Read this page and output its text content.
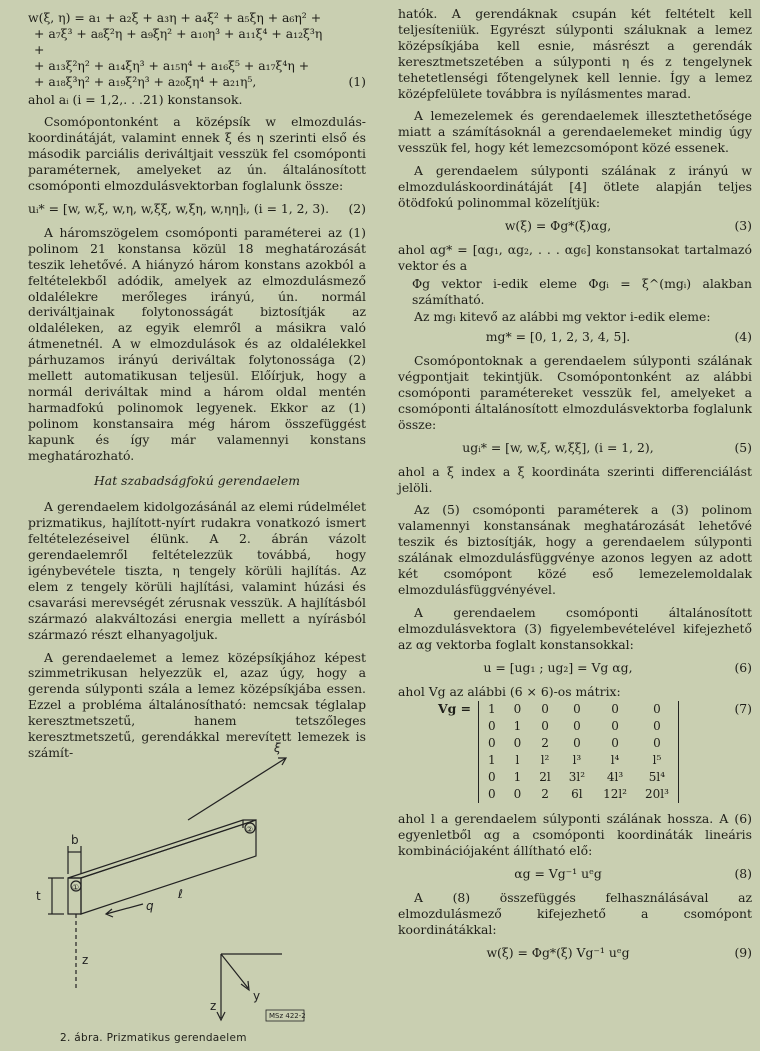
w(ξ, η) = a₁ + a₂ξ + a₃η + a₄ξ² + a₅ξη + a₆η² +
+ a₇ξ³ + a₈ξ²η + a₉ξη² + a₁₀η³ + a₁₁ξ⁴ + a₁₂ξ³η +
+ a₁₃ξ²η² + a₁₄ξη³ + a₁₅η⁴ + a₁₆ξ⁵ + a₁₇ξ⁴η +
+ a₁₈ξ³η² + a₁₉ξ²η³ + a₂₀ξη⁴ + a₂₁η⁵,	(1)

ahol aᵢ (i = 1,2,. . .21) konstansok.

Csomópontonként a középsík w elmozdulás-koordinátáját, valamint ennek ξ és η szerinti első és második parciális deriváltjait vesszük fel csomóponti paraméternek, amelyeket az ún. általánosított csomóponti elmozdulásvektorban foglalunk össze:

uᵢ* = [w, w,ξ, w,η, w,ξξ, w,ξη, w,ηη]ᵢ, (i = 1, 2, 3).	(2)

A háromszögelem csomóponti paraméterei az (1) polinom 21 konstansa közül 18 meghatározását teszik lehetővé. A hiányzó három konstans azokból a feltételekből adódik, amelyek az elmozdulásmező oldalélekre merőleges irányú, ún. normál deriváltjainak folytonosságát biztosítják az oldaléleken, az egyik elemről a másikra való átmenetnél. A w elmozdulások és az oldalélekkel párhuzamos irányú deriváltak folytonossága (2) mellett automatikusan teljesül. Előírjuk, hogy a normál deriváltak mind a három oldal mentén harmadfokú polinomok legyenek. Ekkor az (1) polinom konstansaira még három összefüggést kapunk és így már valamennyi konstans meghatározható.

Hat szabadságfokú gerendaelem

A gerendaelem kidolgozásánál az elemi rúdelmélet prizmatikus, hajlított-nyírt rudakra vonatkozó ismert feltételezéseivel élünk. A 2. ábrán vázolt gerendaelemről feltételezzük továbbá, hogy igénybevétele tiszta, η tengely körüli hajlítás. Az elem z tengely körüli hajlítási, valamint húzási és csavarási merevségét zérusnak vesszük. A hajlításból származó alakváltozási energia mellett a nyírásból származó részt elhanyagoljuk.

A gerendaelemet a lemez középsíkjához képest szimmetrikusan helyezzük el, azaz úgy, hogy a gerenda súlyponti szála a lemez középsíkjába essen. Ezzel a probléma általánosítható: nemcsak téglalap keresztmetszetű, hanem tetszőleges keresztmetszetű, gerendákkal merevített lemezek is számít-	ξ
b
t
①
②
q
ℓ
z
z
y
MSz 422-2
2. ábra. Prizmatikus gerendaelem

hatók. A gerendáknak csupán két feltételt kell teljesíteniük. Egyrészt súlyponti száluknak a lemez középsíkjába kell esnie, másrészt a gerendák keresztmetszetében a súlyponti η és z tengelynek tehetetlenségi főtengelynek kell lennie. Így a lemez középfelülete továbbra is nyílásmentes marad.

A lemezelemek és gerendaelemek illesztethetősége miatt a számításoknál a gerendaelemeket mindig úgy vesszük fel, hogy két lemezcsomópont közé essenek.

A gerendaelem súlyponti szálának z irányú w elmozduláskoordinátáját [4] ötlete alapján teljes ötödfokú polinommal közelítjük:

w(ξ) = Φg*(ξ)αg,	(3)

ahol αg* = [αg₁, αg₂, . . . αg₆] konstansokat tartalmazó vektor és a

Φg vektor i-edik eleme Φgᵢ = ξ^(mgᵢ) alakban számítható.

Az mgᵢ kitevő az alábbi mg vektor i-edik eleme:

mg* = [0, 1, 2, 3, 4, 5].	(4)

Csomópontoknak a gerendaelem súlyponti szálának végpontjait tekintjük. Csomópontonként az alábbi csomóponti paramétereket vesszük fel, amelyeket a csomóponti általánosított elmozdulásvektorba foglalunk össze:

ugᵢ* = [w, w,ξ, w,ξξ], (i = 1, 2),	(5)

ahol a ξ index a ξ koordináta szerinti differenciálást jelöli.

Az (5) csomóponti paraméterek a (3) polinom valamennyi konstansának meghatározását lehetővé teszik és biztosítják, hogy a gerendaelem súlyponti szálának elmozdulásfüggvénye azonos legyen az adott két csomópont közé eső lemezelemoldalak elmozdulásfüggvényével.

A gerendaelem csomóponti általánosított elmozdulásvektora (3) figyelembevételével kifejezhető az αg vektorba foglalt konstansokkal:

u = [ug₁ ; ug₂] = Vg αg,	(6)

ahol Vg az alábbi (6 × 6)-os mátrix:

Vg =	(7)
1	0	0	0	0	0
0	1	0	0	0	0
0	0	2	0	0	0
1	l	l²	l³	l⁴	l⁵
0	1	2l	3l²	4l³	5l⁴
0	0	2	6l	12l²	20l³

ahol l a gerendaelem súlyponti szálának hossza. A (6) egyenletből αg a csomóponti koordináták lineáris kombinációjaként állítható elő:

αg = Vg⁻¹ uᵉg	(8)

A (8) összefüggés felhasználásával az elmozdulásmező kifejezhető a csomópont koordinátákkal:

w(ξ) = Φg*(ξ) Vg⁻¹ uᵉg	(9)
